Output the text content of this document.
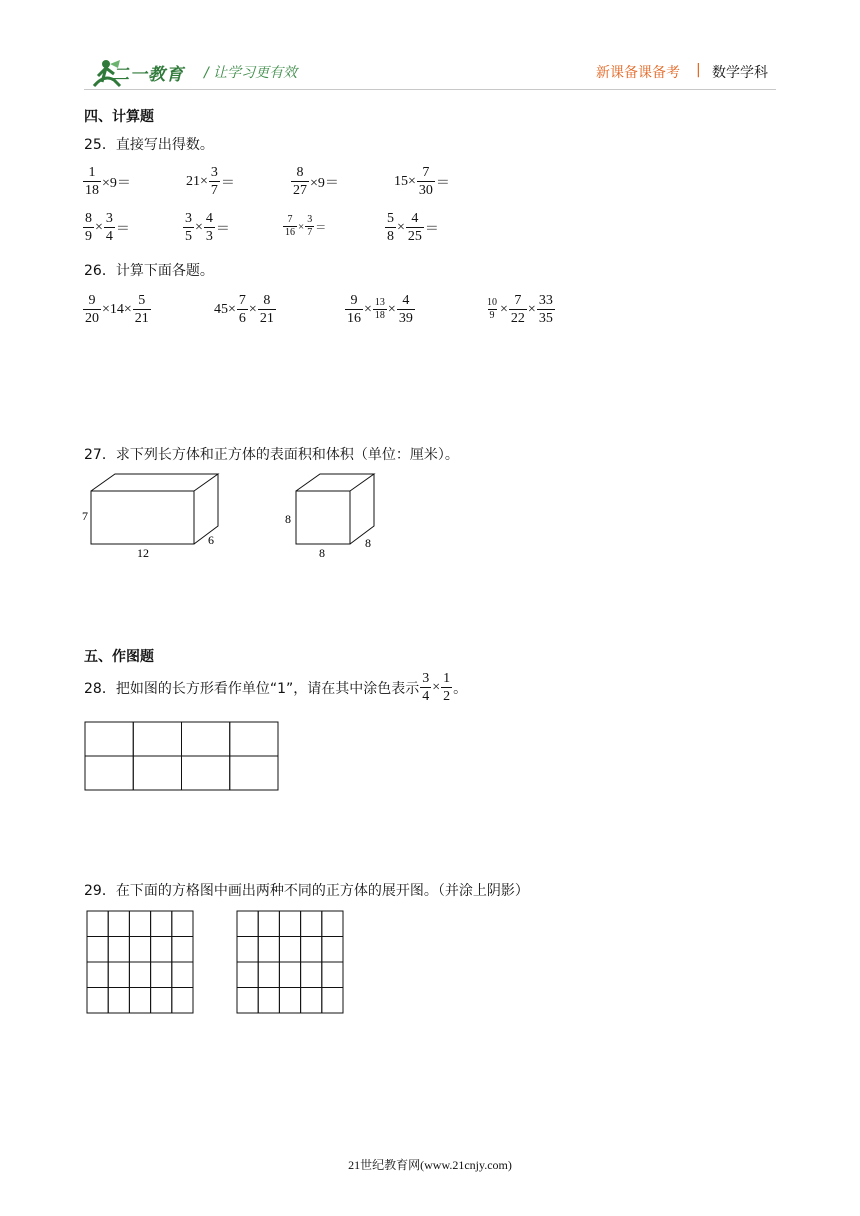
二一教育 / 让学习更有效	新课备课备考 | 数学学科
四、计算题
25．直接写出得数。
$\frac{1}{18} \times 9=$	$21\times \frac{3}{7}$ ＝	$\frac{8}{27} \times 9=$	$15\times \frac{7}{30}$ ＝
$\frac{8}{9} \times \frac{3}{4}$ ＝	$\frac{3}{5} \times \frac{4}{3}$ ＝	$\frac{7}{16} \times \frac{3}{7}$ ＝	$\frac{5}{8} \times \frac{4}{25}$ ＝
26．计算下面各题。
$\frac{9}{20} \times 14\times \frac{5}{21}$	$45\times \frac{7}{6} \times \frac{8}{21}$	$\frac{9}{16} \times \frac{13}{18} \times \frac{4}{39}$	$\frac{10}{9} \times \frac{7}{22} \times \frac{33}{35}$
27．求下列长方体和正方体的表面积和体积（单位：厘米）。
7
12
6
8
8
8
五、作图题
28．把如图的长方形看作单位“1”，请在其中涂色表示 $\frac{3}{4} \times \frac{1}{2}$ 。
29．在下面的方格图中画出两种不同的正方体的展开图。（并涂上阴影）
21世纪教育网(www.21cnjy.com)
